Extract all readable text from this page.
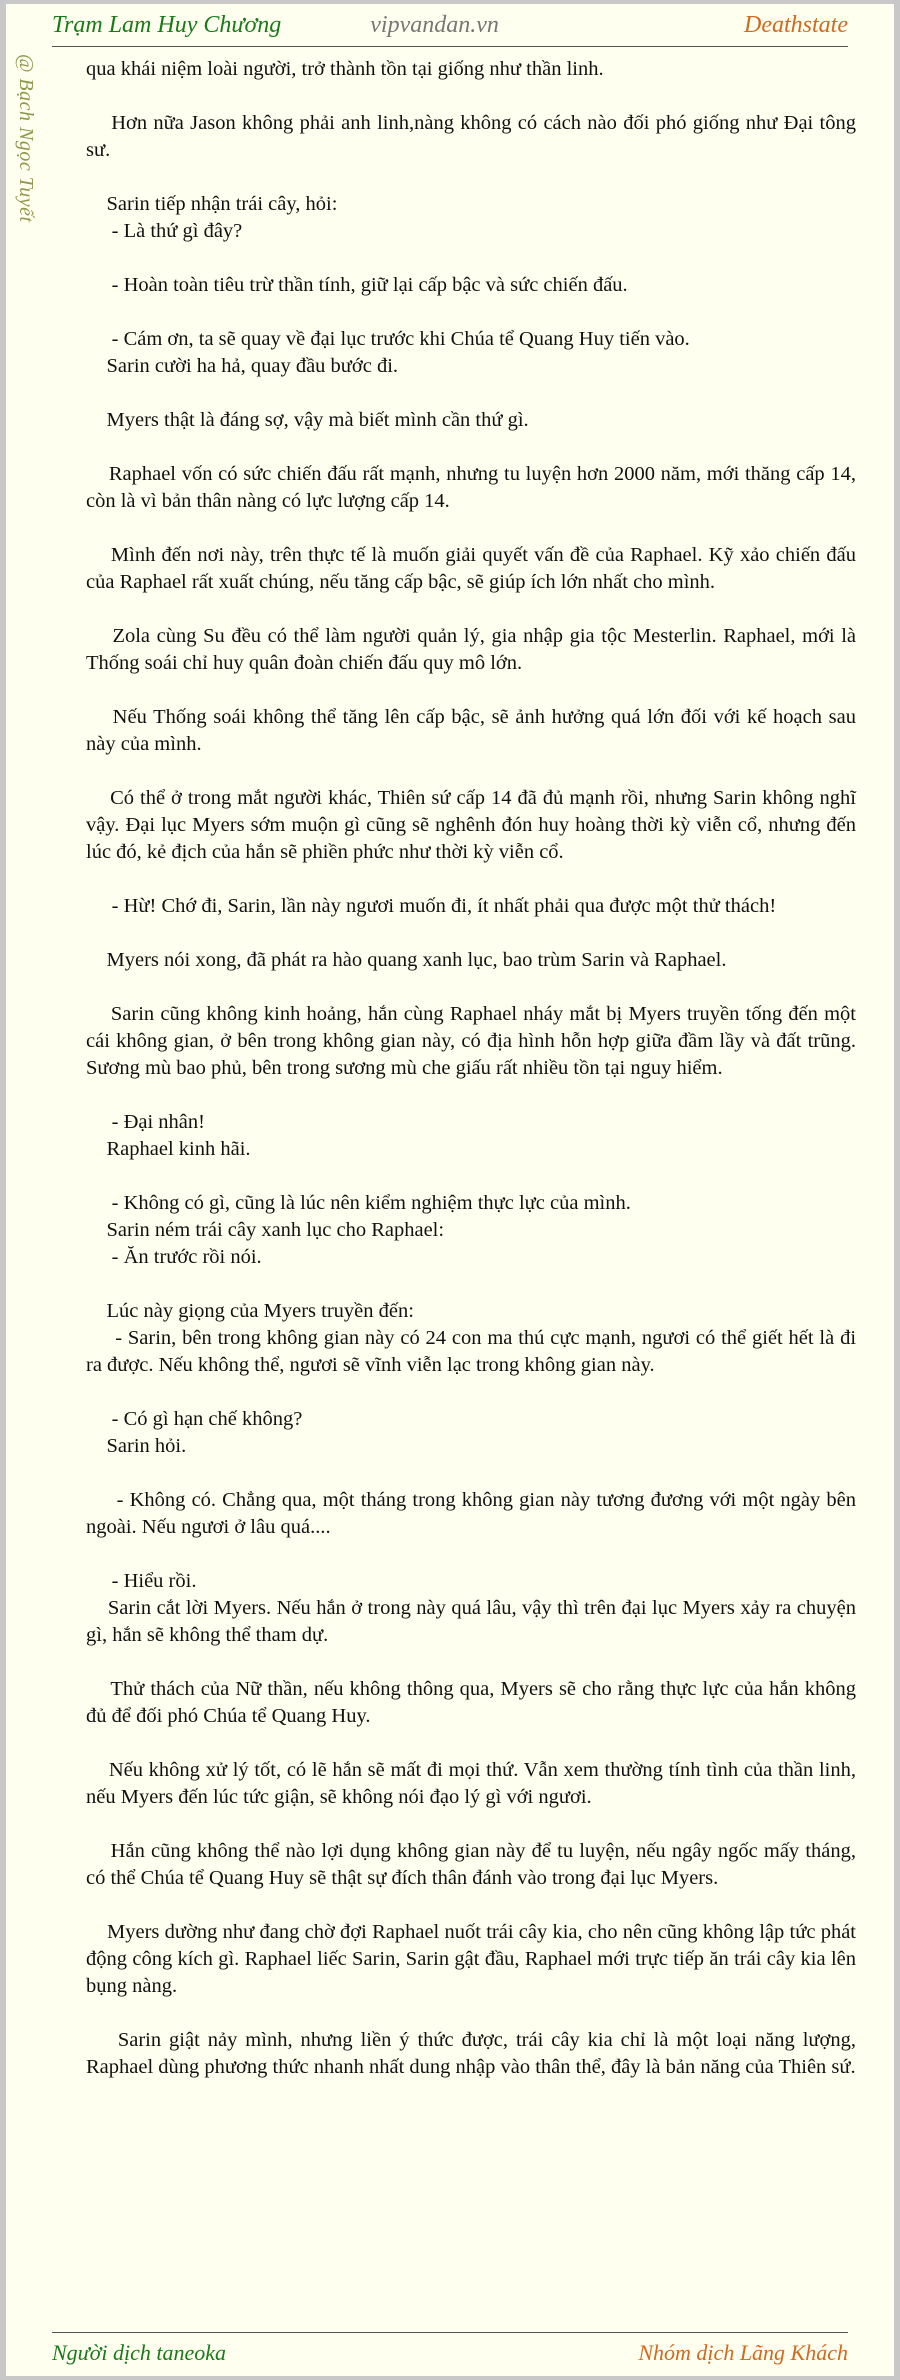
Trạm Lam Huy Chương	vipvandan.vn	Deathstate
@ Bạch Ngọc Tuyết qua khái niệm loài người, trở thành tồn tại giống như thần linh.

Hơn nữa Jason không phải anh linh,nàng không có cách nào đối phó giống như Đại tông sư.

Sarin tiếp nhận trái cây, hỏi:
- Là thứ gì đây?

- Hoàn toàn tiêu trừ thần tính, giữ lại cấp bậc và sức chiến đấu.

- Cám ơn, ta sẽ quay về đại lục trước khi Chúa tể Quang Huy tiến vào.
Sarin cười ha hả, quay đầu bước đi.

Myers thật là đáng sợ, vậy mà biết mình cần thứ gì.

Raphael vốn có sức chiến đấu rất mạnh, nhưng tu luyện hơn 2000 năm, mới thăng cấp 14, còn là vì bản thân nàng có lực lượng cấp 14.

Mình đến nơi này, trên thực tế là muốn giải quyết vấn đề của Raphael. Kỹ xảo chiến đấu của Raphael rất xuất chúng, nếu tăng cấp bậc, sẽ giúp ích lớn nhất cho mình.

Zola cùng Su đều có thể làm người quản lý, gia nhập gia tộc Mesterlin. Raphael, mới là Thống soái chỉ huy quân đoàn chiến đấu quy mô lớn.

Nếu Thống soái không thể tăng lên cấp bậc, sẽ ảnh hưởng quá lớn đối với kế hoạch sau này của mình.

Có thể ở trong mắt người khác, Thiên sứ cấp 14 đã đủ mạnh rồi, nhưng Sarin không nghĩ vậy. Đại lục Myers sớm muộn gì cũng sẽ nghênh đón huy hoàng thời kỳ viễn cổ, nhưng đến lúc đó, kẻ địch của hắn sẽ phiền phức như thời kỳ viễn cổ.

- Hừ! Chớ đi, Sarin, lần này ngươi muốn đi, ít nhất phải qua được một thử thách!

Myers nói xong, đã phát ra hào quang xanh lục, bao trùm Sarin và Raphael.

Sarin cũng không kinh hoảng, hắn cùng Raphael nháy mắt bị Myers truyền tống đến một cái không gian, ở bên trong không gian này, có địa hình hỗn hợp giữa đầm lầy và đất trũng. Sương mù bao phủ, bên trong sương mù che giấu rất nhiều tồn tại nguy hiểm.

- Đại nhân!
Raphael kinh hãi.

- Không có gì, cũng là lúc nên kiểm nghiệm thực lực của mình.
Sarin ném trái cây xanh lục cho Raphael:
- Ăn trước rồi nói.

Lúc này giọng của Myers truyền đến:
- Sarin, bên trong không gian này có 24 con ma thú cực mạnh, ngươi có thể giết hết là đi ra được. Nếu không thể, ngươi sẽ vĩnh viễn lạc trong không gian này.

- Có gì hạn chế không?
Sarin hỏi.

- Không có. Chẳng qua, một tháng trong không gian này tương đương với một ngày bên ngoài. Nếu ngươi ở lâu quá....

- Hiểu rồi.
Sarin cắt lời Myers. Nếu hắn ở trong này quá lâu, vậy thì trên đại lục Myers xảy ra chuyện gì, hắn sẽ không thể tham dự.

Thử thách của Nữ thần, nếu không thông qua, Myers sẽ cho rằng thực lực của hắn không đủ để đối phó Chúa tể Quang Huy.

Nếu không xử lý tốt, có lẽ hắn sẽ mất đi mọi thứ. Vẫn xem thường tính tình của thần linh, nếu Myers đến lúc tức giận, sẽ không nói đạo lý gì với ngươi.

Hắn cũng không thể nào lợi dụng không gian này để tu luyện, nếu ngây ngốc mấy tháng, có thể Chúa tể Quang Huy sẽ thật sự đích thân đánh vào trong đại lục Myers.

Myers dường như đang chờ đợi Raphael nuốt trái cây kia, cho nên cũng không lập tức phát động công kích gì. Raphael liếc Sarin, Sarin gật đầu, Raphael mới trực tiếp ăn trái cây kia lên bụng nàng.

Sarin giật nảy mình, nhưng liền ý thức được, trái cây kia chỉ là một loại năng lượng, Raphael dùng phương thức nhanh nhất dung nhập vào thân thể, đây là bản năng của Thiên sứ.

Người dịch taneoka	Nhóm dịch Lãng Khách
